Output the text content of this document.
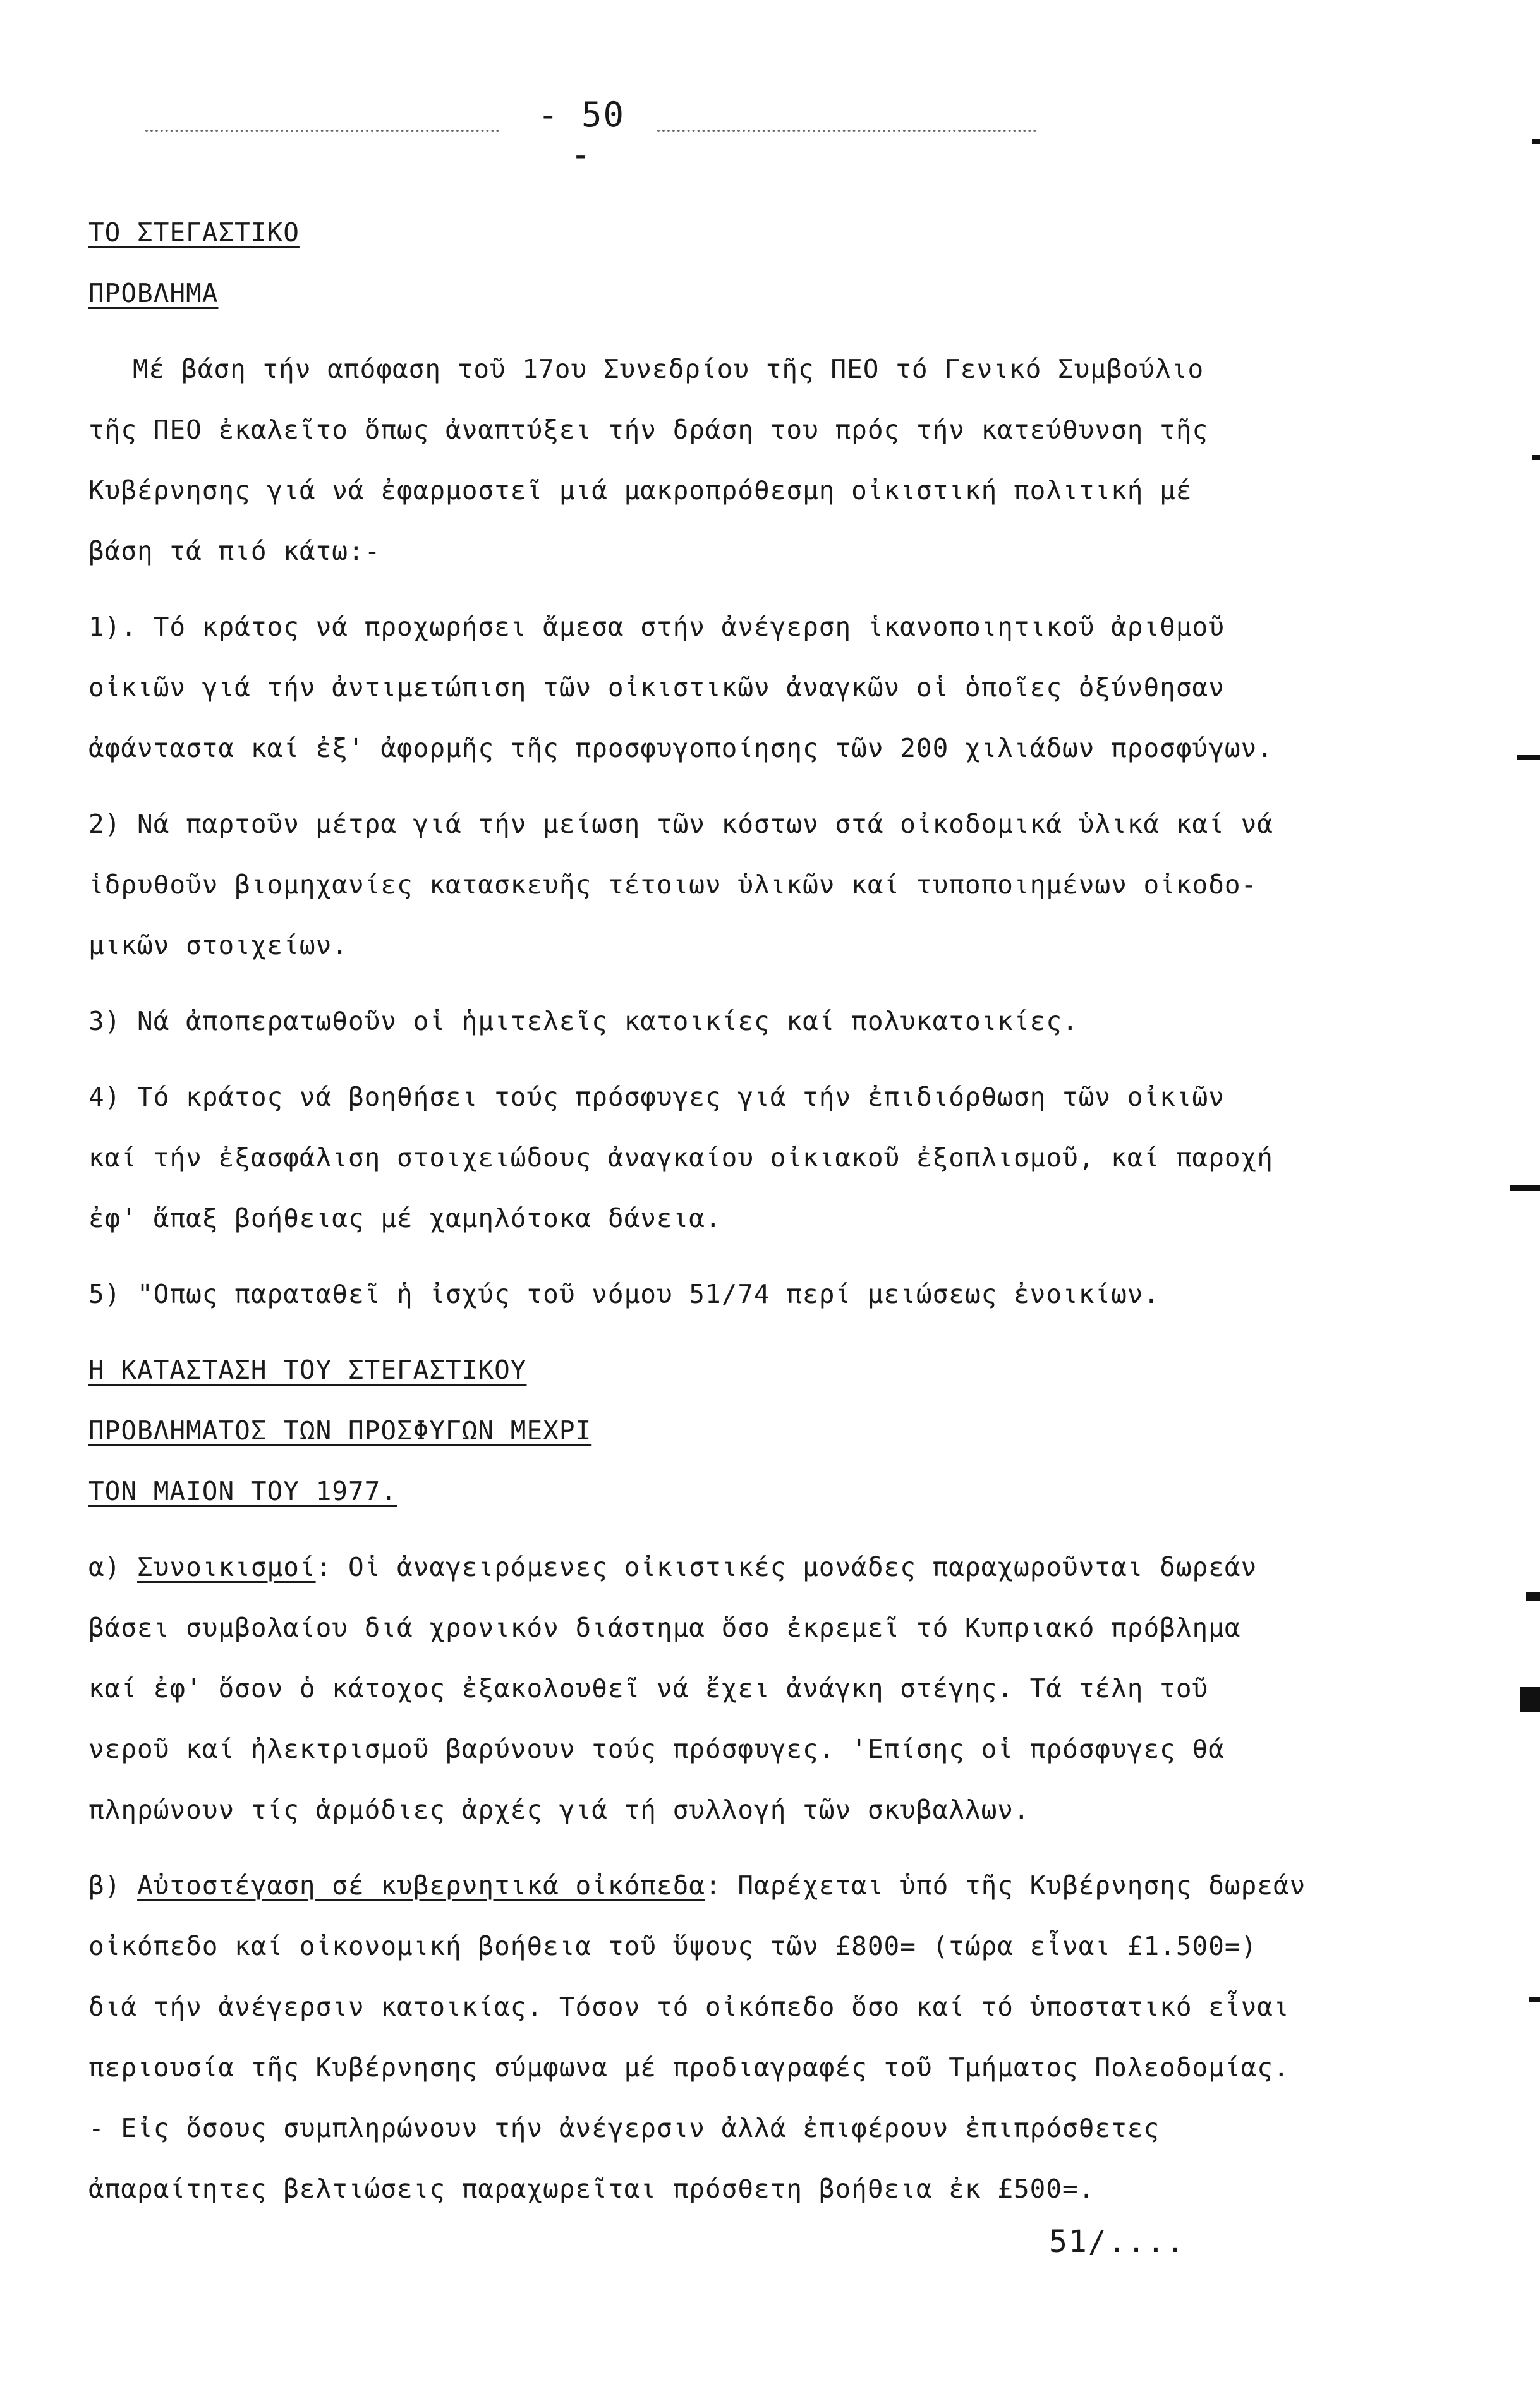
- 50 -

ΤΟ ΣΤΕΓΑΣΤΙΚΟ

ΠΡΟΒΛΗΜΑ

Μέ βάση τήν απόφαση τοῦ 17ου Συνεδρίου τῆς ΠΕΟ τό Γενικό Συμβούλιο

τῆς ΠΕΟ ἐκαλεῖτο ὅπως ἀναπτύξει τήν δράση του πρός τήν κατεύθυνση τῆς

Κυβέρνησης γιά νά ἐφαρμοστεῖ μιά μακροπρόθεσμη οἰκιστική πολιτική μέ

βάση τά πιό κάτω:-

1). Τό κράτος νά προχωρήσει ἄμεσα στήν ἀνέγερση ἱκανοποιητικοῦ ἀριθμοῦ

οἰκιῶν γιά τήν ἀντιμετώπιση τῶν οἰκιστικῶν ἀναγκῶν οἱ ὁποῖες ὀξύνθησαν

ἀφάνταστα καί ἐξ' ἀφορμῆς τῆς προσφυγοποίησης τῶν 200 χιλιάδων προσφύγων.

2) Νά παρτοῦν μέτρα γιά τήν μείωση τῶν κόστων στά οἰκοδομικά ὑλικά καί νά

ἱδρυθοῦν βιομηχανίες κατασκευῆς τέτοιων ὑλικῶν καί τυποποιημένων οἰκοδο-

μικῶν στοιχείων.

3) Νά ἀποπερατωθοῦν οἱ ἡμιτελεῖς κατοικίες καί πολυκατοικίες.

4) Τό κράτος νά βοηθήσει τούς πρόσφυγες γιά τήν ἐπιδιόρθωση τῶν οἰκιῶν

καί τήν ἐξασφάλιση στοιχειώδους ἀναγκαίου οἰκιακοῦ ἐξοπλισμοῦ, καί παροχή

ἐφ' ἅπαξ βοήθειας μέ χαμηλότοκα δάνεια.

5) "Οπως παραταθεῖ ἡ ἰσχύς τοῦ νόμου 51/74 περί μειώσεως ἐνοικίων.

Η ΚΑΤΑΣΤΑΣΗ ΤΟΥ ΣΤΕΓΑΣΤΙΚΟΥ

ΠΡΟΒΛΗΜΑΤΟΣ ΤΩΝ ΠΡΟΣΦΥΓΩΝ ΜΕΧΡΙ

ΤΟΝ ΜΑΙΟΝ ΤΟΥ 1977.

α) Συνοικισμοί: Οἱ ἀναγειρόμενες οἰκιστικές μονάδες παραχωροῦνται δωρεάν

βάσει συμβολαίου διά χρονικόν διάστημα ὅσο ἐκρεμεῖ τό Κυπριακό πρόβλημα

καί ἐφ' ὅσον ὁ κάτοχος ἐξακολουθεῖ νά ἔχει ἀνάγκη στέγης. Τά τέλη τοῦ

νεροῦ καί ἠλεκτρισμοῦ βαρύνουν τούς πρόσφυγες. 'Επίσης οἱ πρόσφυγες θά

πληρώνουν τίς ἁρμόδιες ἀρχές γιά τή συλλογή τῶν σκυβαλλων.

β) Αὐτοστέγαση σέ κυβερνητικά οἰκόπεδα: Παρέχεται ὑπό τῆς Κυβέρνησης δωρεάν

οἰκόπεδο καί οἰκονομική βοήθεια τοῦ ὕψους τῶν £800= (τώρα εἶναι £1.500=)

διά τήν ἀνέγερσιν κατοικίας. Τόσον τό οἰκόπεδο ὅσο καί τό ὑποστατικό εἶναι

περιουσία τῆς Κυβέρνησης σύμφωνα μέ προδιαγραφές τοῦ Τμήματος Πολεοδομίας.

- Εἰς ὅσους συμπληρώνουν τήν ἀνέγερσιν ἀλλά ἐπιφέρουν ἐπιπρόσθετες

ἀπαραίτητες βελτιώσεις παραχωρεῖται πρόσθετη βοήθεια ἐκ £500=.

51/....
